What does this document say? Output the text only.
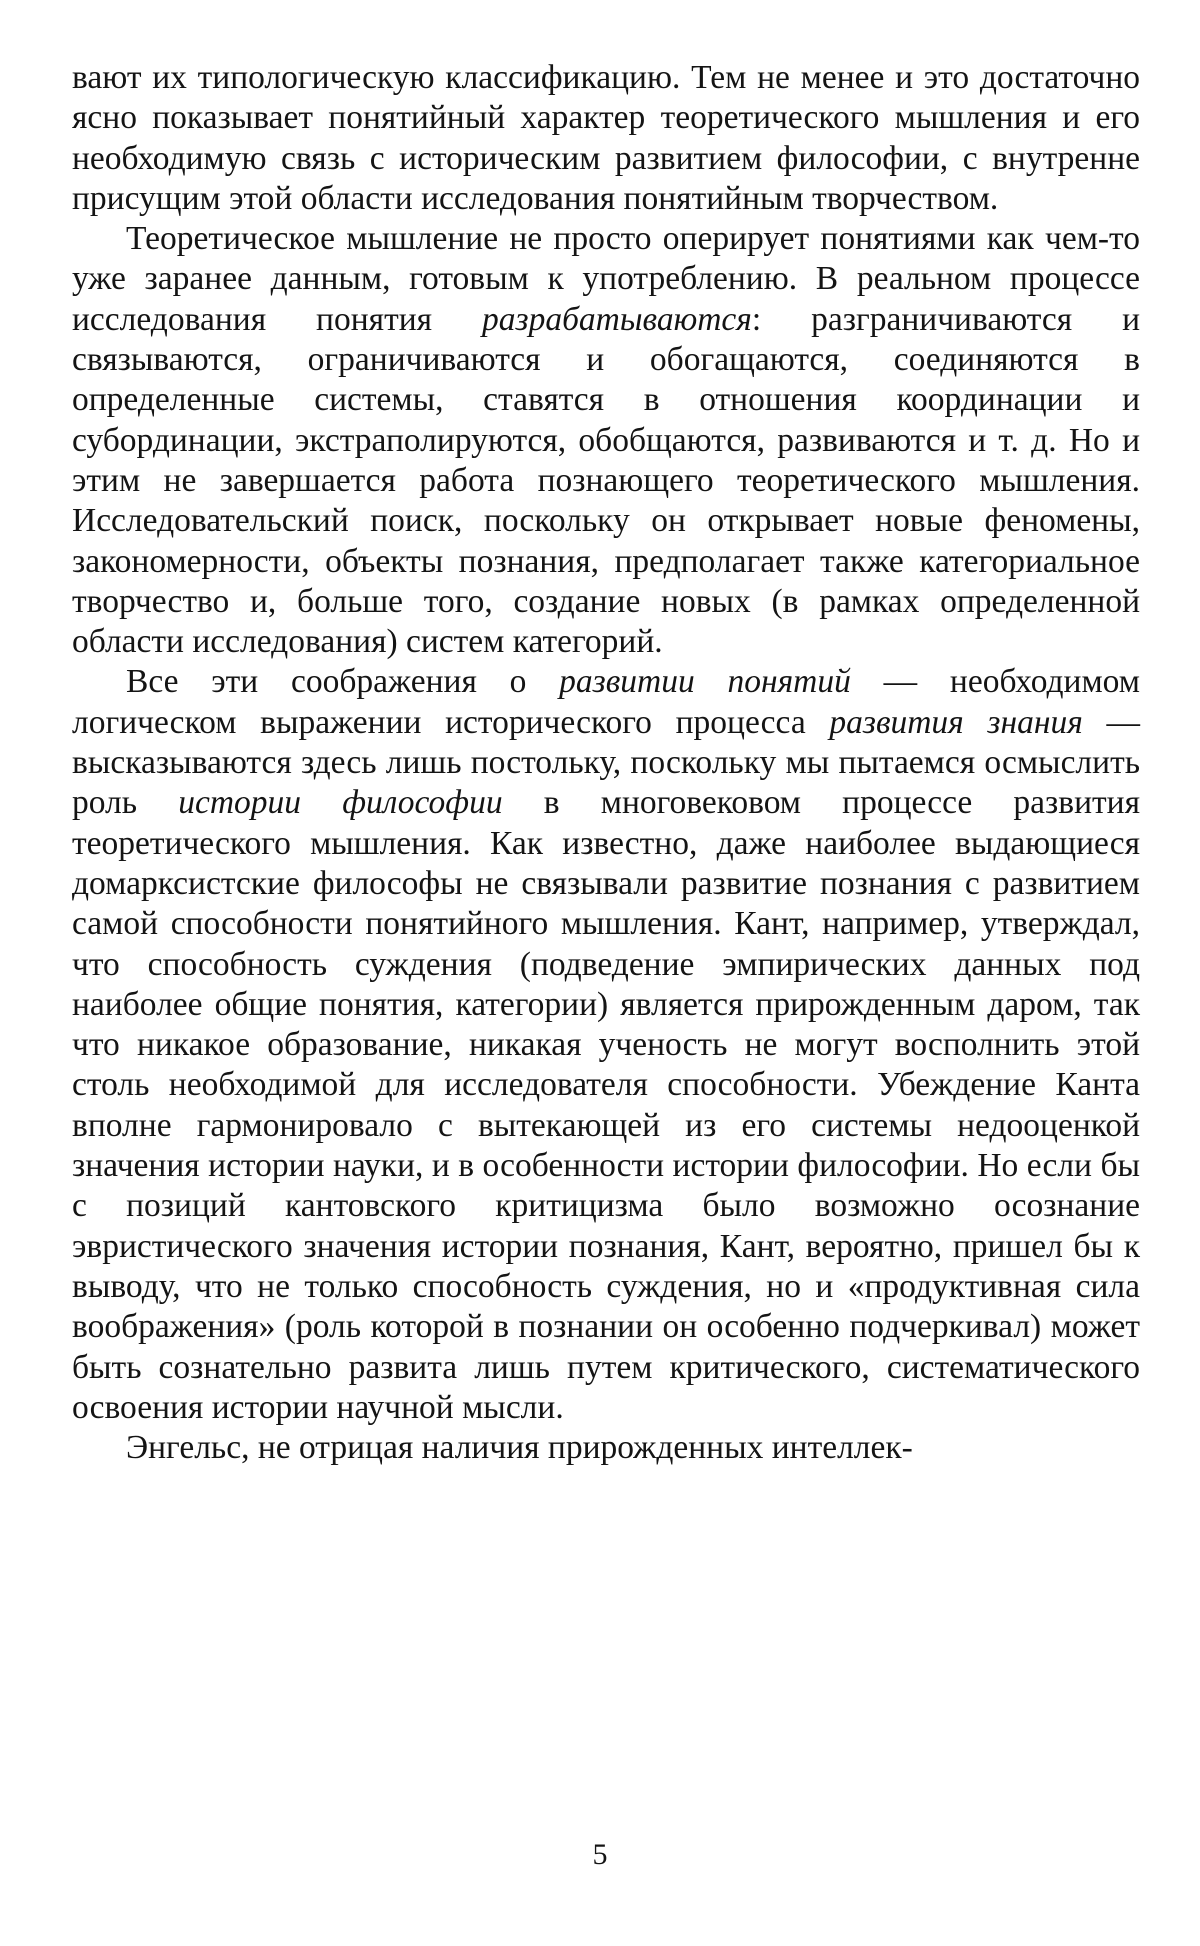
вают их типологическую классификацию. Тем не менее и это достаточно ясно показывает понятийный характер теоретического мышления и его необходимую связь с историческим развитием философии, с внутренне присущим этой области исследования понятийным творчеством.

Теоретическое мышление не просто оперирует понятиями как чем-то уже заранее данным, готовым к употреблению. В реальном процессе исследования понятия разрабатываются: разграничиваются и связываются, ограничиваются и обогащаются, соединяются в определенные системы, ставятся в отношения координации и субординации, экстраполируются, обобщаются, развиваются и т. д. Но и этим не завершается работа познающего теоретического мышления. Исследовательский поиск, поскольку он открывает новые феномены, закономерности, объекты познания, предполагает также категориальное творчество и, больше того, создание новых (в рамках определенной области исследования) систем категорий.

Все эти соображения о развитии понятий — необходимом логическом выражении исторического процесса развития знания — высказываются здесь лишь постольку, поскольку мы пытаемся осмыслить роль истории философии в многовековом процессе развития теоретического мышления. Как известно, даже наиболее выдающиеся домарксистские философы не связывали развитие познания с развитием самой способности понятийного мышления. Кант, например, утверждал, что способность суждения (подведение эмпирических данных под наиболее общие понятия, категории) является прирожденным даром, так что никакое образование, никакая ученость не могут восполнить этой столь необходимой для исследователя способности. Убеждение Канта вполне гармонировало с вытекающей из его системы недооценкой значения истории науки, и в особенности истории философии. Но если бы с позиций кантовского критицизма было возможно осознание эвристического значения истории познания, Кант, вероятно, пришел бы к выводу, что не только способность суждения, но и «продуктивная сила воображения» (роль которой в познании он особенно подчеркивал) может быть сознательно развита лишь путем критического, систематического освоения истории научной мысли.

Энгельс, не отрицая наличия прирожденных интеллек-

5
